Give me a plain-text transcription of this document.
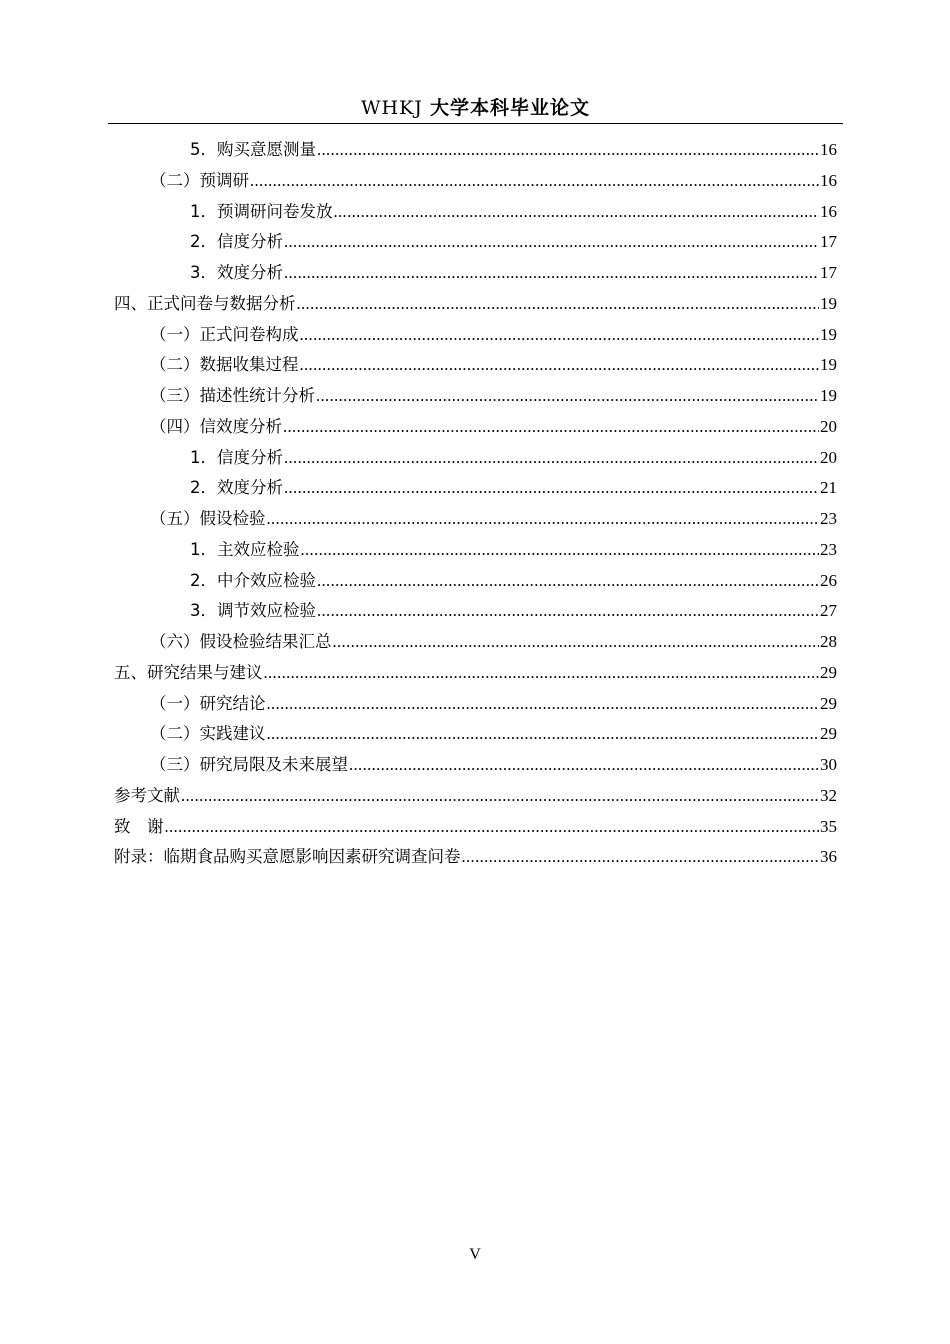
WHKJ 大学本科毕业论文
5．购买意愿测量 .....	16
（二）预调研 .....	16
1．预调研问卷发放 .....	16
2．信度分析 .....	17
3．效度分析 .....	17
四、正式问卷与数据分析 .....	19
（一）正式问卷构成 .....	19
（二）数据收集过程 .....	19
（三）描述性统计分析 .....	19
（四）信效度分析 .....	20
1．信度分析 .....	20
2．效度分析 .....	21
（五）假设检验 .....	23
1．主效应检验 .....	23
2．中介效应检验 .....	26
3．调节效应检验 .....	27
（六）假设检验结果汇总 .....	28
五、研究结果与建议 .....	29
（一）研究结论 .....	29
（二）实践建议 .....	29
（三）研究局限及未来展望 .....	30
参考文献 .....	32
致　谢 .....	35
附录：临期食品购买意愿影响因素研究调查问卷 .....	36
V
